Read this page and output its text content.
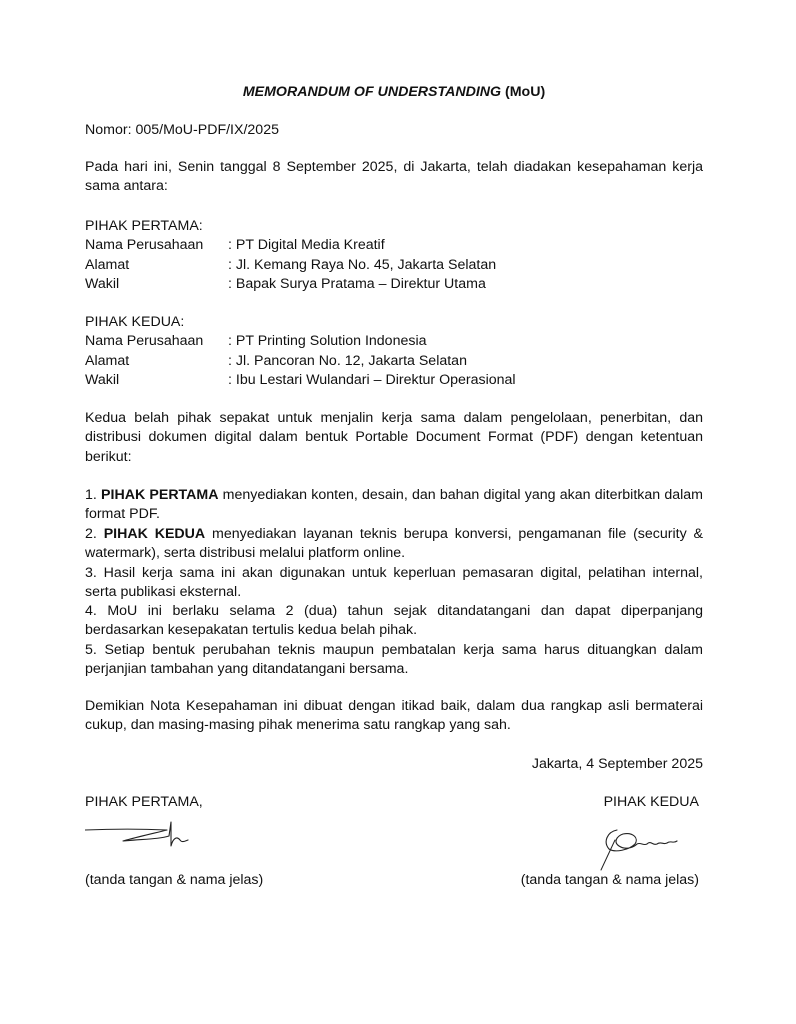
MEMORANDUM OF UNDERSTANDING (MoU)
Nomor: 005/MoU-PDF/IX/2025
Pada hari ini, Senin tanggal 8 September 2025, di Jakarta, telah diadakan kesepahaman kerja sama antara:
PIHAK PERTAMA:
Nama Perusahaan : PT Digital Media Kreatif
Alamat	: Jl. Kemang Raya No. 45, Jakarta Selatan
Wakil	: Bapak Surya Pratama – Direktur Utama
PIHAK KEDUA:
Nama Perusahaan : PT Printing Solution Indonesia
Alamat	: Jl. Pancoran No. 12, Jakarta Selatan
Wakil	: Ibu Lestari Wulandari – Direktur Operasional
Kedua belah pihak sepakat untuk menjalin kerja sama dalam pengelolaan, penerbitan, dan distribusi dokumen digital dalam bentuk Portable Document Format (PDF) dengan ketentuan berikut:
1. PIHAK PERTAMA menyediakan konten, desain, dan bahan digital yang akan diterbitkan dalam format PDF.
2. PIHAK KEDUA menyediakan layanan teknis berupa konversi, pengamanan file (security & watermark), serta distribusi melalui platform online.
3. Hasil kerja sama ini akan digunakan untuk keperluan pemasaran digital, pelatihan internal, serta publikasi eksternal.
4. MoU ini berlaku selama 2 (dua) tahun sejak ditandatangani dan dapat diperpanjang berdasarkan kesepakatan tertulis kedua belah pihak.
5. Setiap bentuk perubahan teknis maupun pembatalan kerja sama harus dituangkan dalam perjanjian tambahan yang ditandatangani bersama.
Demikian Nota Kesepahaman ini dibuat dengan itikad baik, dalam dua rangkap asli bermaterai cukup, dan masing-masing pihak menerima satu rangkap yang sah.
Jakarta, 4 September 2025
PIHAK PERTAMA,	PIHAK KEDUA
(tanda tangan & nama jelas)	(tanda tangan & nama jelas)
